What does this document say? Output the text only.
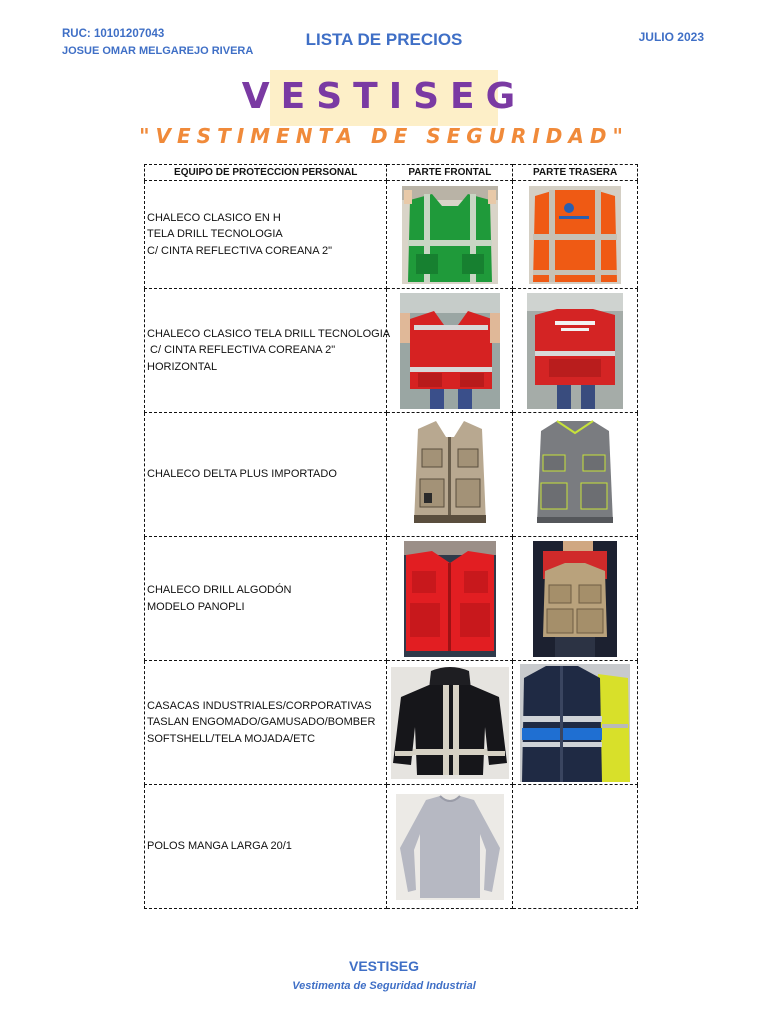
RUC: 10101207043
JOSUE OMAR MELGAREJO RIVERA
LISTA DE PRECIOS	JULIO 2023
VESTISEG
"VESTIMENTA DE SEGURIDAD"
EQUIPO DE PROTECCION PERSONAL	PARTE FRONTAL	PARTE TRASERA
CHALECO CLASICO EN H
TELA DRILL TECNOLOGIA
C/ CINTA REFLECTIVA COREANA 2"	

CHALECO CLASICO TELA DRILL TECNOLOGIA
C/ CINTA REFLECTIVA COREANA 2"
HORIZONTAL	

CHALECO DELTA PLUS IMPORTADO	

CHALECO DRILL ALGODÓN
MODELO PANOPLI	

CASACAS INDUSTRIALES/CORPORATIVAS
TASLAN ENGOMADO/GAMUSADO/BOMBER
SOFTSHELL/TELA MOJADA/ETC	

POLOS MANGA LARGA 20/1	

VESTISEG
Vestimenta de Seguridad Industrial
